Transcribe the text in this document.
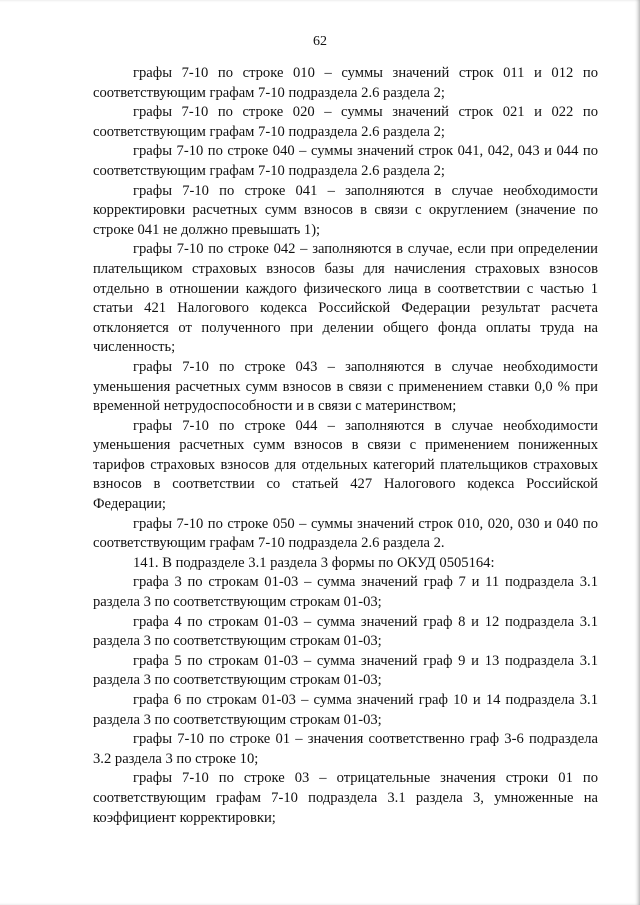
62

графы 7-10 по строке 010 – суммы значений строк 011 и 012 по соответствующим графам 7-10 подраздела 2.6 раздела 2;

графы 7-10 по строке 020 – суммы значений строк 021 и 022 по соответствующим графам 7-10 подраздела 2.6 раздела 2;

графы 7-10 по строке 040 – суммы значений строк 041, 042, 043 и 044 по соответствующим графам 7-10 подраздела 2.6 раздела 2;

графы 7-10 по строке 041 – заполняются в случае необходимости корректировки расчетных сумм взносов в связи с округлением (значение по строке 041 не должно превышать 1);

графы 7-10 по строке 042 – заполняются в случае, если при определении плательщиком страховых взносов базы для начисления страховых взносов отдельно в отношении каждого физического лица в соответствии с частью 1 статьи 421 Налогового кодекса Российской Федерации результат расчета отклоняется от полученного при делении общего фонда оплаты труда на численность;

графы 7-10 по строке 043 – заполняются в случае необходимости уменьшения расчетных сумм взносов в связи с применением ставки 0,0 % при временной нетрудоспособности и в связи с материнством;

графы 7-10 по строке 044 – заполняются в случае необходимости уменьшения расчетных сумм взносов в связи с применением пониженных тарифов страховых взносов для отдельных категорий плательщиков страховых взносов в соответствии со статьей 427 Налогового кодекса Российской Федерации;

графы 7-10 по строке 050 – суммы значений строк 010, 020, 030 и 040 по соответствующим графам 7-10 подраздела 2.6 раздела 2.

141. В подразделе 3.1 раздела 3 формы по ОКУД 0505164:

графа 3 по строкам 01-03 – сумма значений граф 7 и 11 подраздела 3.1 раздела 3 по соответствующим строкам 01-03;

графа 4 по строкам 01-03 – сумма значений граф 8 и 12 подраздела 3.1 раздела 3 по соответствующим строкам 01-03;

графа 5 по строкам 01-03 – сумма значений граф 9 и 13 подраздела 3.1 раздела 3 по соответствующим строкам 01-03;

графа 6 по строкам 01-03 – сумма значений граф 10 и 14 подраздела 3.1 раздела 3 по соответствующим строкам 01-03;

графы 7-10 по строке 01 – значения соответственно граф 3-6 подраздела 3.2 раздела 3 по строке 10;

графы 7-10 по строке 03 – отрицательные значения строки 01 по соответствующим графам 7-10 подраздела 3.1 раздела 3, умноженные на коэффициент корректировки;
